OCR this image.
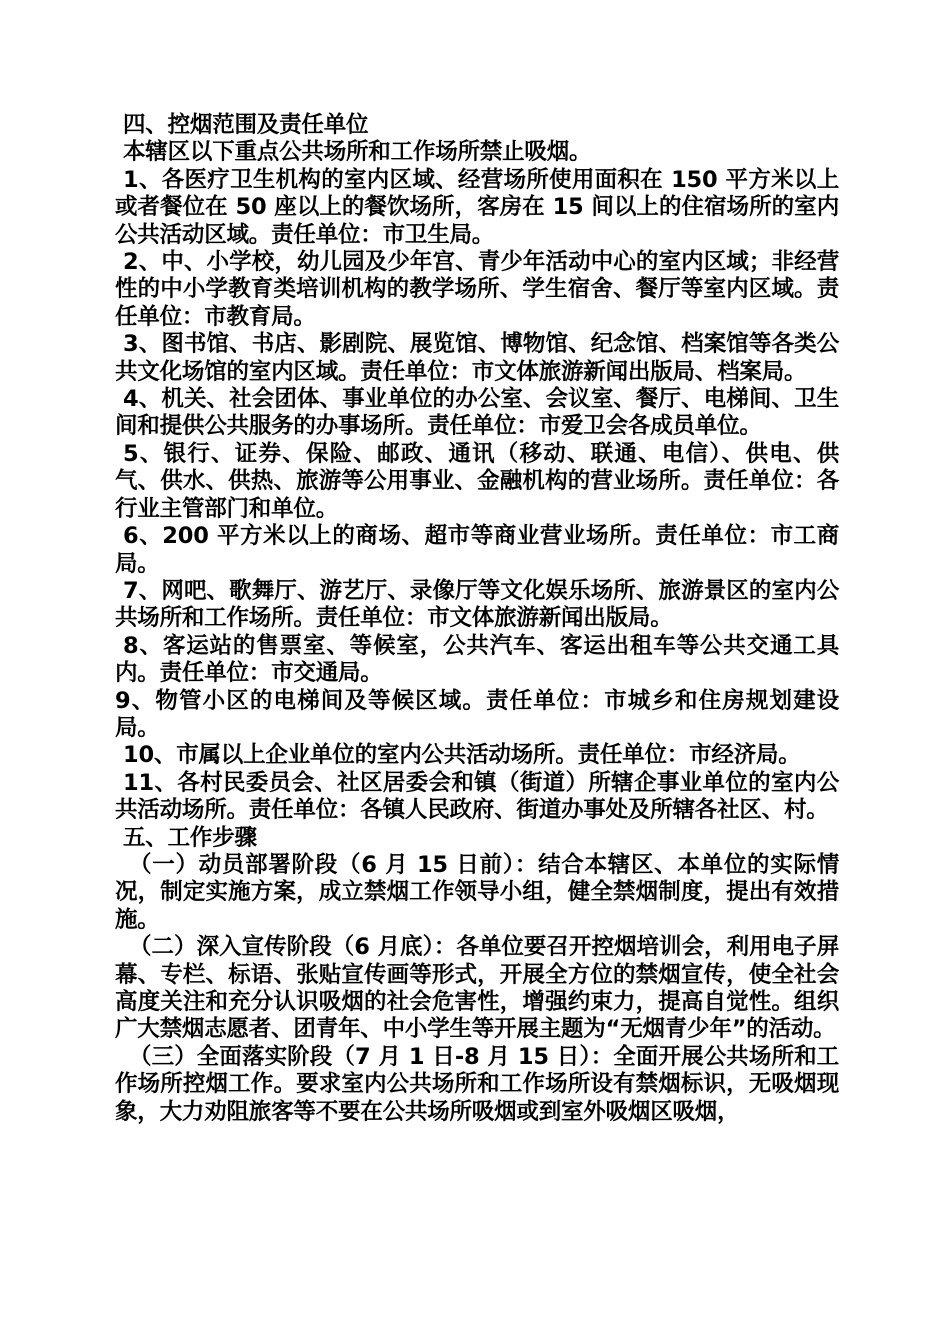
四、控烟范围及责任单位

本辖区以下重点公共场所和工作场所禁止吸烟。

1、各医疗卫生机构的室内区域、经营场所使用面积在 150 平方米以上或者餐位在 50 座以上的餐饮场所，客房在 15 间以上的住宿场所的室内公共活动区域。责任单位：市卫生局。

2、中、小学校，幼儿园及少年宫、青少年活动中心的室内区域；非经营性的中小学教育类培训机构的教学场所、学生宿舍、餐厅等室内区域。责任单位：市教育局。

3、图书馆、书店、影剧院、展览馆、博物馆、纪念馆、档案馆等各类公共文化场馆的室内区域。责任单位：市文体旅游新闻出版局、档案局。

4、机关、社会团体、事业单位的办公室、会议室、餐厅、电梯间、卫生间和提供公共服务的办事场所。责任单位：市爱卫会各成员单位。

5、银行、证券、保险、邮政、通讯（移动、联通、电信）、供电、供气、供水、供热、旅游等公用事业、金融机构的营业场所。责任单位：各行业主管部门和单位。

6、200 平方米以上的商场、超市等商业营业场所。责任单位：市工商局。

7、网吧、歌舞厅、游艺厅、录像厅等文化娱乐场所、旅游景区的室内公共场所和工作场所。责任单位：市文体旅游新闻出版局。

8、客运站的售票室、等候室，公共汽车、客运出租车等公共交通工具内。责任单位：市交通局。

9、物管小区的电梯间及等候区域。责任单位：市城乡和住房规划建设局。

10、市属以上企业单位的室内公共活动场所。责任单位：市经济局。

11、各村民委员会、社区居委会和镇（街道）所辖企事业单位的室内公共活动场所。责任单位：各镇人民政府、街道办事处及所辖各社区、村。

五、工作步骤

（一）动员部署阶段（6 月 15 日前）：结合本辖区、本单位的实际情况，制定实施方案，成立禁烟工作领导小组，健全禁烟制度，提出有效措施。

（二）深入宣传阶段（6 月底）：各单位要召开控烟培训会，利用电子屏幕、专栏、标语、张贴宣传画等形式，开展全方位的禁烟宣传，使全社会高度关注和充分认识吸烟的社会危害性，增强约束力，提高自觉性。组织广大禁烟志愿者、团青年、中小学生等开展主题为“无烟青少年”的活动。

（三）全面落实阶段（7 月 1 日-8 月 15 日）：全面开展公共场所和工作场所控烟工作。要求室内公共场所和工作场所设有禁烟标识，无吸烟现象，大力劝阻旅客等不要在公共场所吸烟或到室外吸烟区吸烟，
